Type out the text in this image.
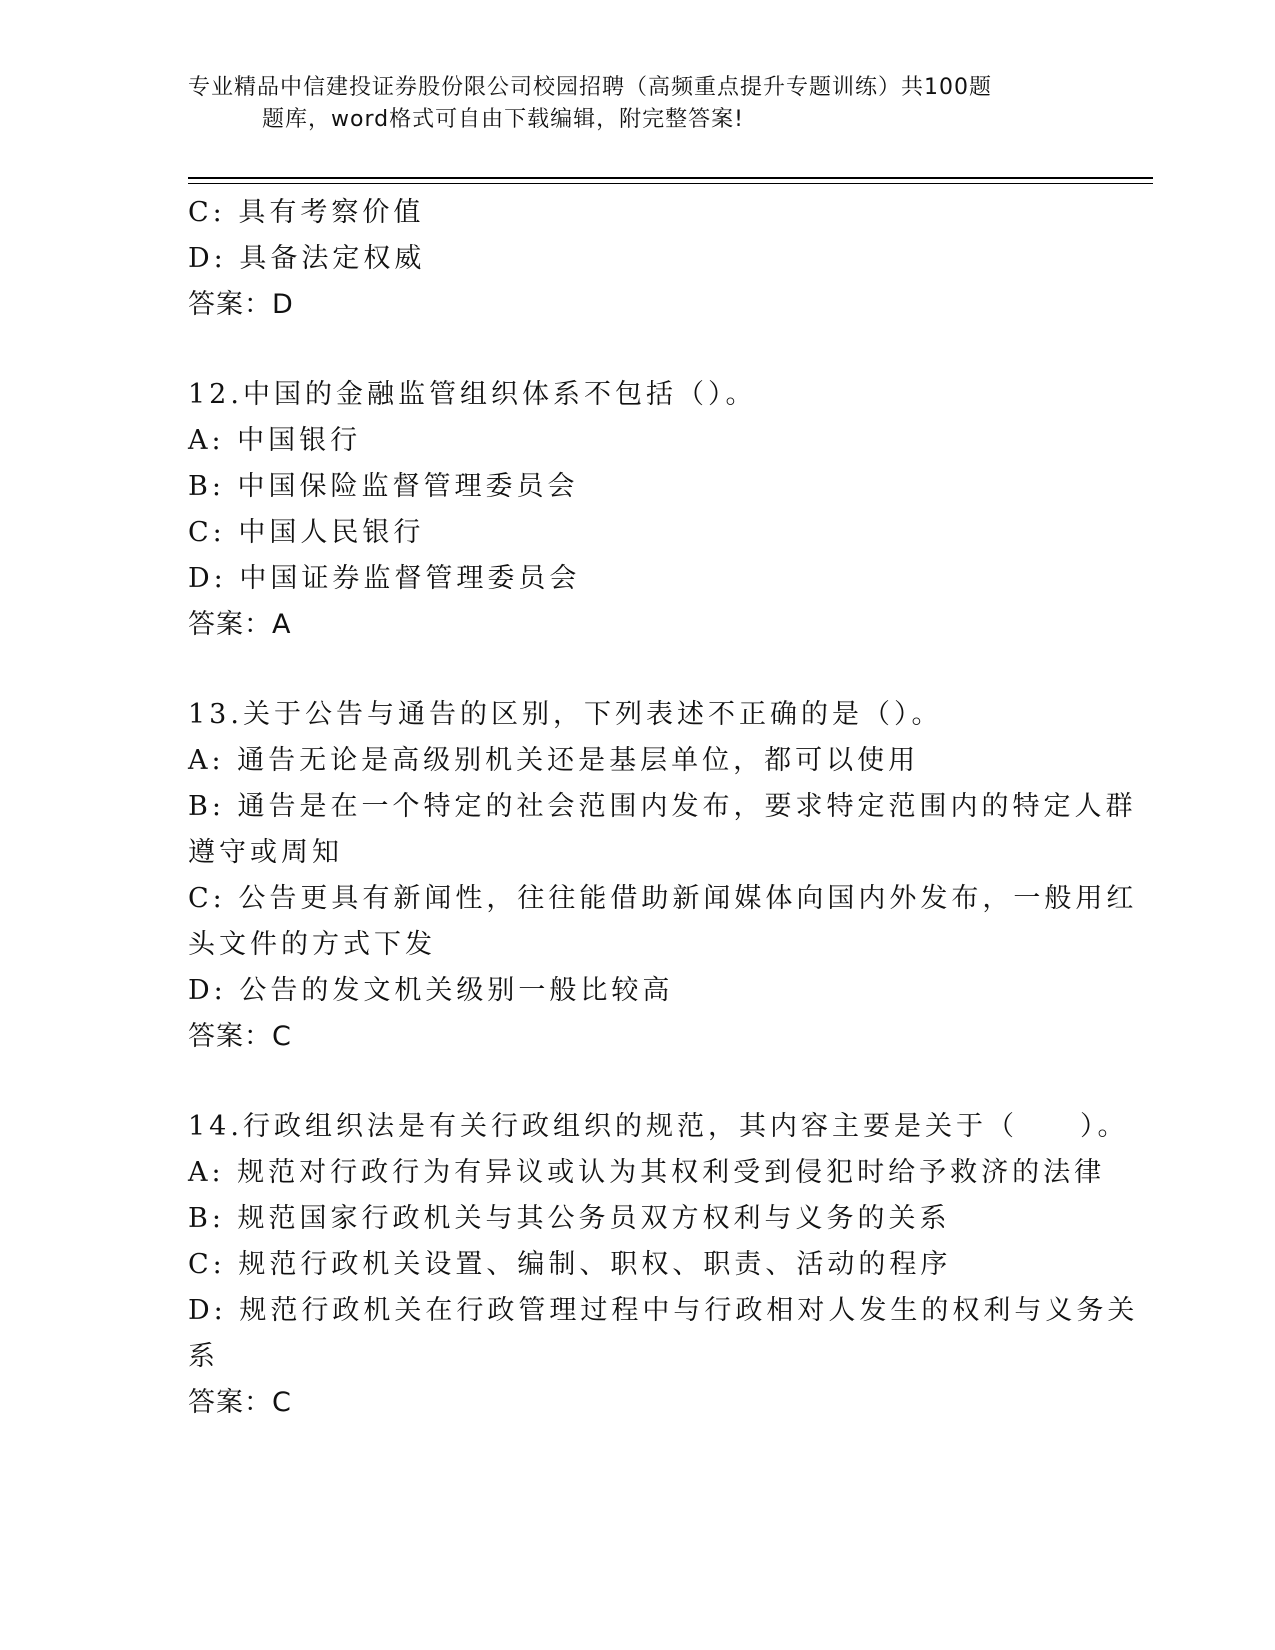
专业精品中信建投证券股份限公司校园招聘（高频重点提升专题训练）共100题

题库，word格式可自由下载编辑，附完整答案!
C: 具有考察价值
D: 具备法定权威
答案：D
12.中国的金融监管组织体系不包括（）。
A: 中国银行
B: 中国保险监督管理委员会
C: 中国人民银行
D: 中国证券监督管理委员会
答案：A
13.关于公告与通告的区别，下列表述不正确的是（）。
A: 通告无论是高级别机关还是基层单位，都可以使用
B: 通告是在一个特定的社会范围内发布，要求特定范围内的特定人群
遵守或周知
C: 公告更具有新闻性，往往能借助新闻媒体向国内外发布，一般用红
头文件的方式下发
D: 公告的发文机关级别一般比较高
答案：C
14.行政组织法是有关行政组织的规范，其内容主要是关于（　　）。
A: 规范对行政行为有异议或认为其权利受到侵犯时给予救济的法律
B: 规范国家行政机关与其公务员双方权利与义务的关系
C: 规范行政机关设置、编制、职权、职责、活动的程序
D: 规范行政机关在行政管理过程中与行政相对人发生的权利与义务关
系
答案：C
